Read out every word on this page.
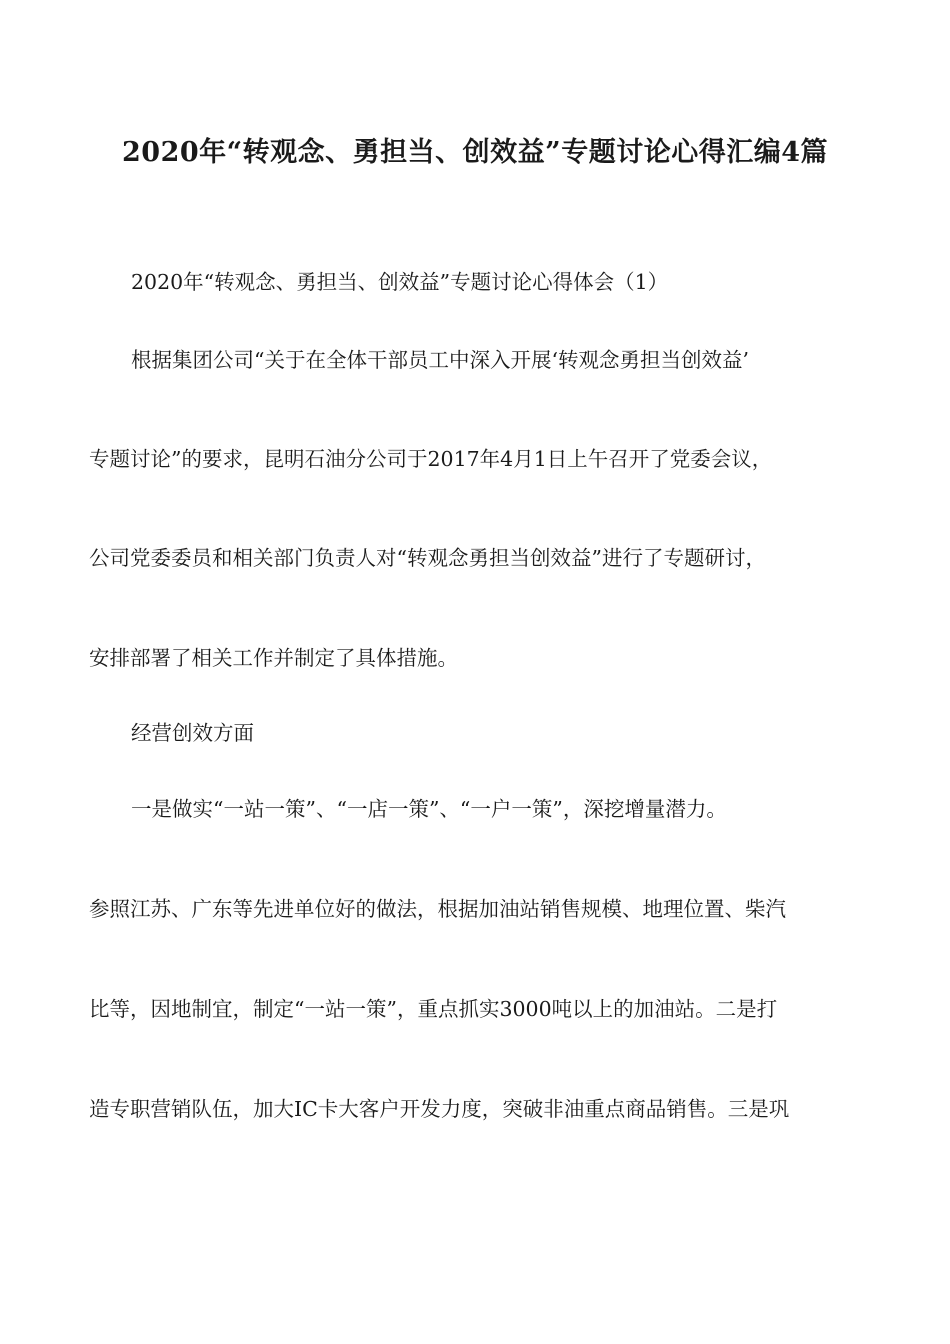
2020年“转观念、勇担当、创效益”专题讨论心得汇编4篇
2020年“转观念、勇担当、创效益”专题讨论心得体会（1）
根据集团公司“关于在全体干部员工中深入开展‘转观念勇担当创效益’
专题讨论”的要求，昆明石油分公司于2017年4月1日上午召开了党委会议，
公司党委委员和相关部门负责人对“转观念勇担当创效益”进行了专题研讨，
安排部署了相关工作并制定了具体措施。
经营创效方面
一是做实“一站一策”、“一店一策”、“一户一策”，深挖增量潜力。
参照江苏、广东等先进单位好的做法，根据加油站销售规模、地理位置、柴汽
比等，因地制宜，制定“一站一策”，重点抓实3000吨以上的加油站。二是打
造专职营销队伍，加大IC卡大客户开发力度，突破非油重点商品销售。三是巩
